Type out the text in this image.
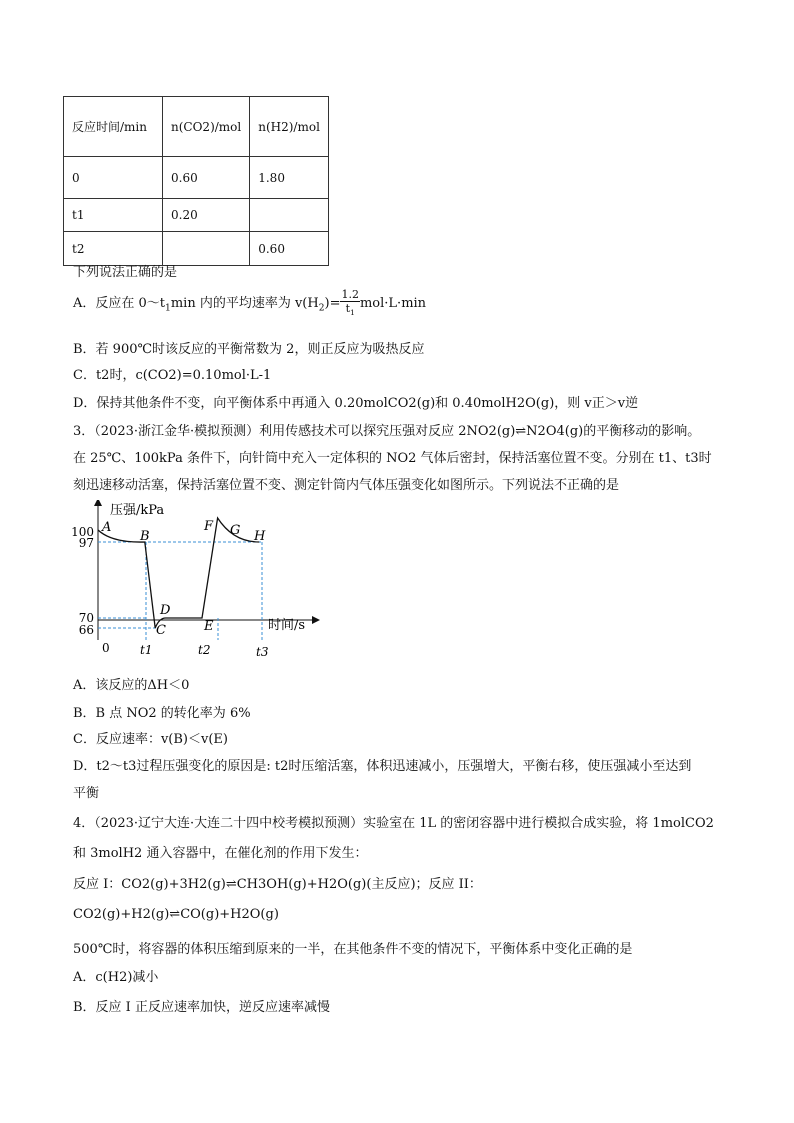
反应时间/min	n(CO2)/mol	n(H2)/mol
0	0.60	1.80
t1	0.20	
t2		0.60
下列说法正确的是
A．反应在 $0\sim t_1\min$ 内的平均速率为 $v(H_2)= \frac{1.2}{t_1} mol\cdot L\cdot\min$
B．若 900℃时该反应的平衡常数为 2，则正反应为吸热反应
C．t2时，c(CO2)=0.10mol·L-1
D．保持其他条件不变，向平衡体系中再通入 0.20molCO2(g)和 0.40molH2O(g)，则 v正＞v逆
3．（2023·浙江金华·模拟预测）利用传感技术可以探究压强对反应 2NO2(g)⇌N2O4(g)的平衡移动的影响。
在 25℃、100kPa 条件下，向针筒中充入一定体积的 NO2 气体后密封，保持活塞位置不变。分别在 t1、t3时
刻迅速移动活塞，保持活塞位置不变、测定针筒内气体压强变化如图所示。下列说法不正确的是
100
97
70
66
0	t1	t2	t3
压强/kPa
时间/s
A
B
C
D
E
F G H
A．该反应的ΔH＜0
B．B 点 NO2 的转化率为 6%
C．反应速率：v(B)＜v(E)
D．t2～t3过程压强变化的原因是: t2时压缩活塞，体积迅速减小，压强增大，平衡右移，使压强减小至达到
平衡
4．（2023·辽宁大连·大连二十四中校考模拟预测）实验室在 1L 的密闭容器中进行模拟合成实验，将 1molCO2
和 3molH2 通入容器中，在催化剂的作用下发生：
反应 I：CO2(g)+3H2(g)⇌CH3OH(g)+H2O(g)(主反应)；反应 II：
CO2(g)+H2(g)⇌CO(g)+H2O(g)
500℃时，将容器的体积压缩到原来的一半，在其他条件不变的情况下，平衡体系中变化正确的是
A．c(H2)减小
B．反应 I 正反应速率加快，逆反应速率减慢
